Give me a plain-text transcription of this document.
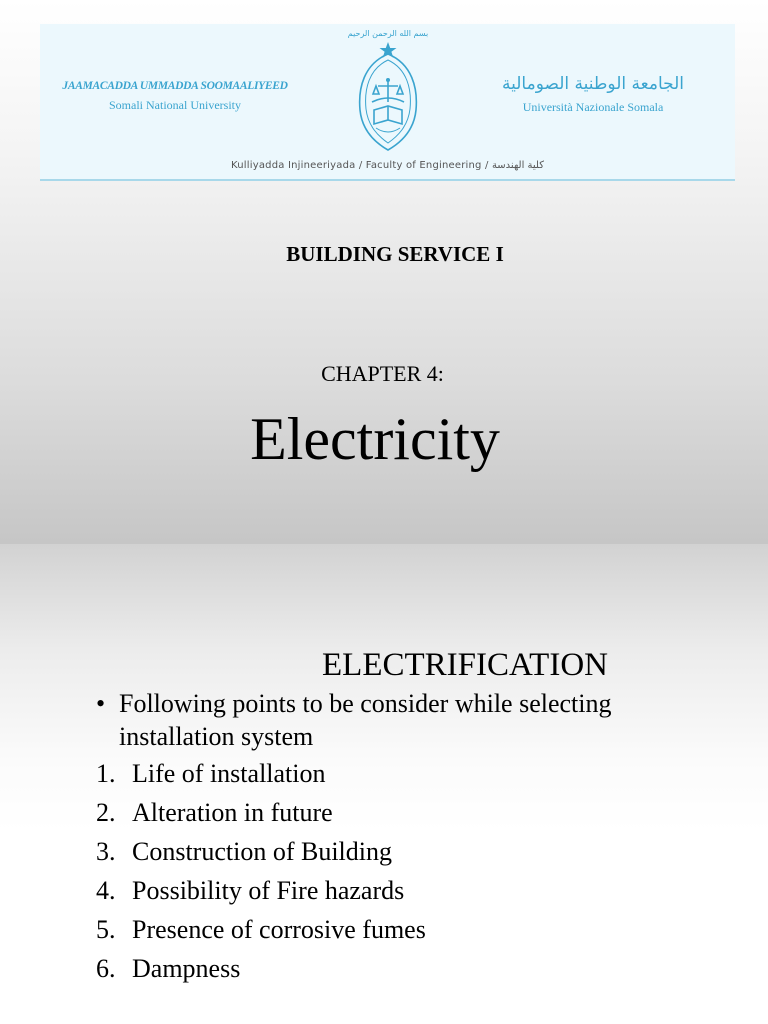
JAAMACADDA UMMADDA SOOMAALIYEED
Somali National University
بسم الله الرحمن الرحيم
الجامعة الوطنية الصومالية
Università Nazionale Somala
Kulliyadda Injineeriyada / Faculty of Engineering / كلية الهندسة
BUILDING SERVICE I
CHAPTER 4:
Electricity
ELECTRIFICATION
• Following points to be consider while selecting installation system
1. Life of installation
2. Alteration in future
3. Construction of Building
4. Possibility of Fire hazards
5. Presence of corrosive fumes
6. Dampness
